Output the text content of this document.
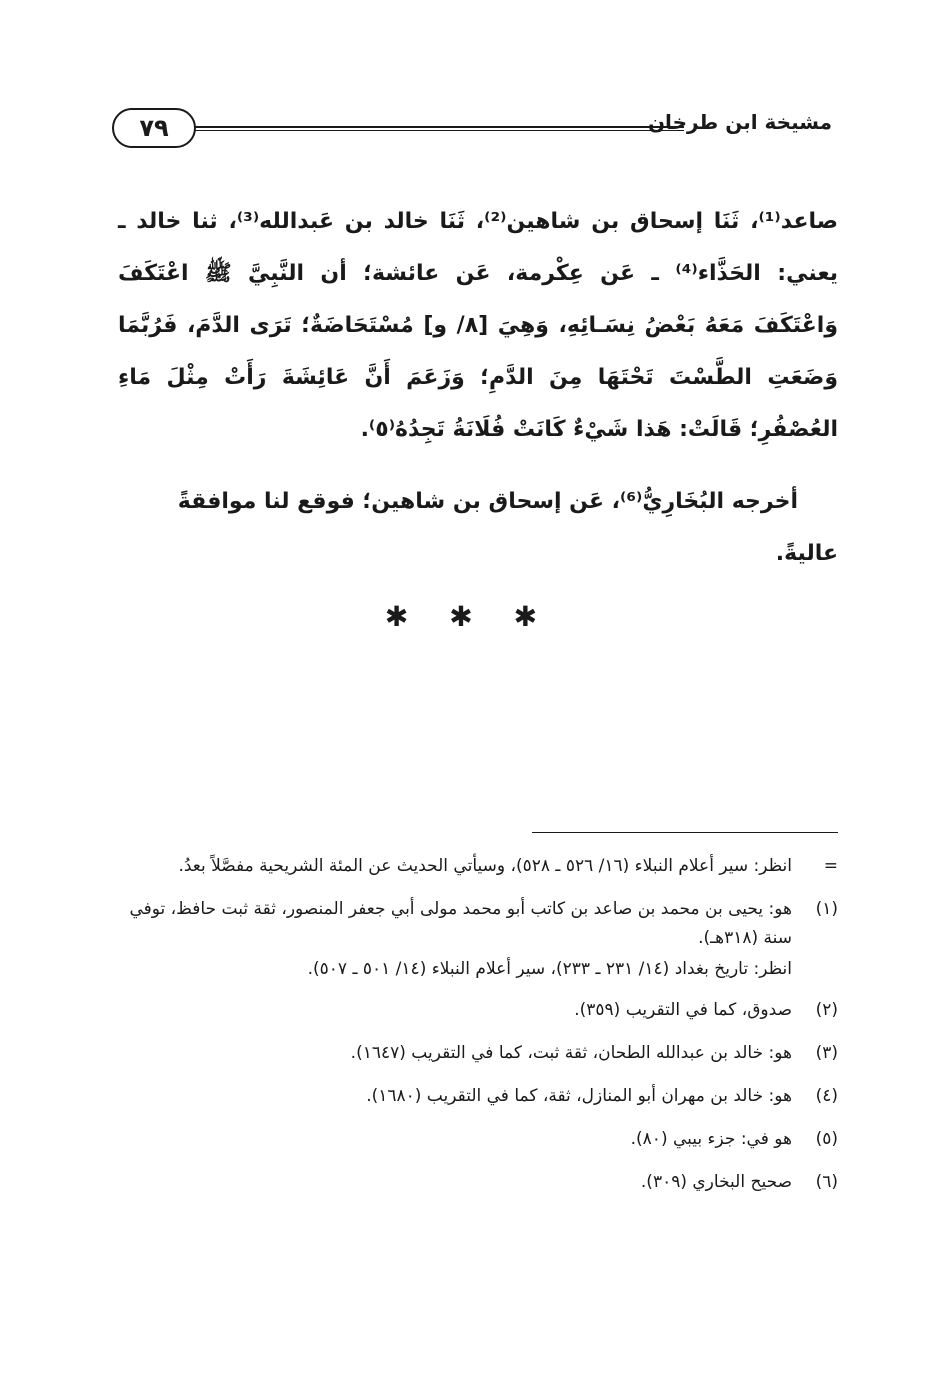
٧٩	مشيخة ابن طرخان

صاعد⁽¹⁾، ثَنَا إسحاق بن شاهين⁽²⁾، ثَنَا خالد بن عَبدالله⁽³⁾، ثنا خالد ـ يعني: الحَذَّاء⁽⁴⁾ ـ عَن عِكْرمة، عَن عائشة؛ أن النَّبِيَّ ﷺ اعْتَكَفَ وَاعْتَكَفَ مَعَهُ بَعْضُ نِسَـائِهِ، وَهِيَ [٨/ و] مُسْتَحَاضَةٌ؛ تَرَى الدَّمَ، فَرُبَّمَا وَضَعَتِ الطَّسْتَ تَحْتَهَا مِنَ الدَّمِ؛ وَزَعَمَ أَنَّ عَائِشَةَ رَأَتْ مِثْلَ مَاءِ العُصْفُرِ؛ قَالَتْ: هَذا شَيْءٌ كَانَتْ فُلَانَةُ تَجِدُهُ⁽٥⁾.

أخرجه البُخَارِيُّ⁽⁶⁾، عَن إسحاق بن شاهين؛ فوقع لنا موافقةً عاليةً.

✱ ✱ ✱
=
انظر: سير أعلام النبلاء (١٦/ ٥٢٦ ـ ٥٢٨)، وسيأتي الحديث عن المئة الشريحية مفصَّلاً بعدُ.
(١)
هو: يحيى بن محمد بن صاعد بن كاتب أبو محمد مولى أبي جعفر المنصور، ثقة ثبت حافظ، توفي سنة (٣١٨هـ).
انظر: تاريخ بغداد (١٤/ ٢٣١ ـ ٢٣٣)، سير أعلام النبلاء (١٤/ ٥٠١ ـ ٥٠٧).
(٢)
صدوق، كما في التقريب (٣٥٩).
(٣)
هو: خالد بن عبدالله الطحان، ثقة ثبت، كما في التقريب (١٦٤٧).
(٤)
هو: خالد بن مهران أبو المنازل، ثقة، كما في التقريب (١٦٨٠).
(٥)
هو في: جزء بيبي (٨٠).
(٦)
صحيح البخاري (٣٠٩).
